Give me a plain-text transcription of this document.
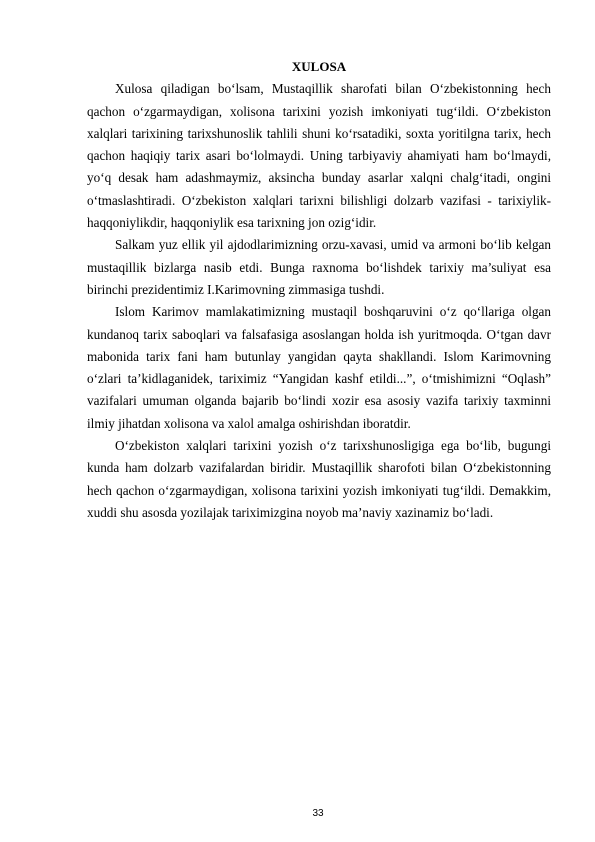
XULOSA

Xulosa qiladigan bo‘lsam, Mustaqillik sharofati bilan O‘zbekistonning hech qachon o‘zgarmaydigan, xolisona tarixini yozish imkoniyati tug‘ildi. O‘zbekiston xalqlari tarixining tarixshunoslik tahlili shuni ko‘rsatadiki, soxta yoritilgna tarix, hech qachon haqiqiy tarix asari bo‘lolmaydi. Uning tarbiyaviy ahamiyati ham bo‘lmaydi, yo‘q desak ham adashmaymiz, aksincha bunday asarlar xalqni chalg‘itadi, ongini o‘tmaslashtiradi. O‘zbekiston xalqlari tarixni bilishligi dolzarb vazifasi - tarixiylik-haqqoniylikdir, haqqoniylik esa tarixning jon ozig‘idir.

Salkam yuz ellik yil ajdodlarimizning orzu-xavasi, umid va armoni bo‘lib kelgan mustaqillik bizlarga nasib etdi. Bunga raxnoma bo‘lishdek tarixiy ma’suliyat esa birinchi prezidentimiz I.Karimovning zimmasiga tushdi.

Islom Karimov mamlakatimizning mustaqil boshqaruvini o‘z qo‘llariga olgan kundanoq tarix saboqlari va falsafasiga asoslangan holda ish yuritmoqda. O‘tgan davr mabonida tarix fani ham butunlay yangidan qayta shakllandi. Islom Karimovning o‘zlari ta’kidlaganidek, tariximiz “Yangidan kashf etildi...”, o‘tmishimizni “Oqlash” vazifalari umuman olganda bajarib bo‘lindi xozir esa asosiy vazifa tarixiy taxminni ilmiy jihatdan xolisona va xalol amalga oshirishdan iboratdir.

O‘zbekiston xalqlari tarixini yozish o‘z tarixshunosligiga ega bo‘lib, bugungi kunda ham dolzarb vazifalardan biridir. Mustaqillik sharofoti bilan O‘zbekistonning hech qachon o‘zgarmaydigan, xolisona tarixini yozish imkoniyati tug‘ildi. Demakkim, xuddi shu asosda yozilajak tariximizgina noyob ma’naviy xazinamiz bo‘ladi.

33
